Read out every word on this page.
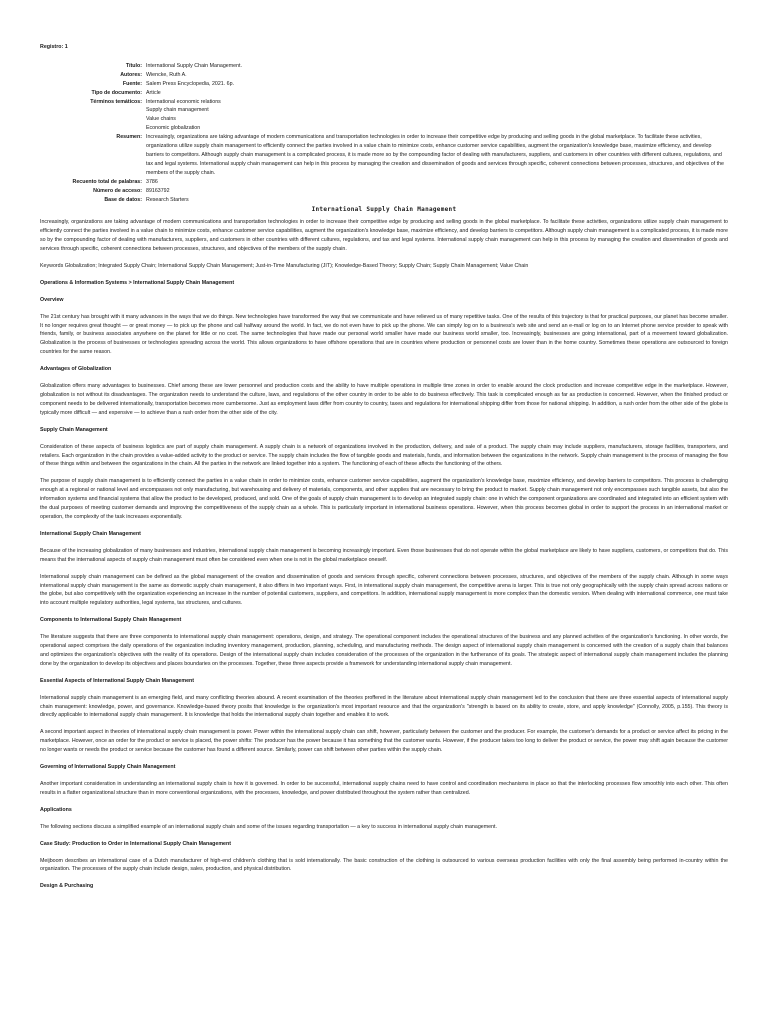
Registro: 1
Título: International Supply Chain Management.
Autores: Wiencke, Ruth A.
Fuente: Salem Press Encyclopedia, 2021. 6p.
Tipo de documento: Article
Términos temáticos: International economic relations
Supply chain management
Value chains
Economic globalization
Resumen: Increasingly, organizations are taking advantage of modern communications and transportation technologies in order to increase their competitive edge by producing and selling goods in the global marketplace. To facilitate these activities, organizations utilize supply chain management to efficiently connect the parties involved in a value chain to minimize costs, enhance customer service capabilities, augment the organization's knowledge base, maximize efficiency, and develop barriers to competitors. Although supply chain management is a complicated process, it is made more so by the compounding factor of dealing with manufacturers, suppliers, and customers in other countries with different cultures, regulations, and tax and legal systems. International supply chain management can help in this process by managing the creation and dissemination of goods and services through specific, coherent connections between processes, structures, and objectives of the members of the supply chain.
Recuento total de palabras: 3786
Número de acceso: 89163792
Base de datos: Research Starters
International Supply Chain Management

Increasingly, organizations are taking advantage of modern communications and transportation technologies in order to increase their competitive edge by producing and selling goods in the global marketplace. To facilitate these activities, organizations utilize supply chain management to efficiently connect the parties involved in a value chain to minimize costs, enhance customer service capabilities, augment the organization's knowledge base, maximize efficiency, and develop barriers to competitors. Although supply chain management is a complicated process, it is made more so by the compounding factor of dealing with manufacturers, suppliers, and customers in other countries with different cultures, regulations, and tax and legal systems. International supply chain management can help in this process by managing the creation and dissemination of goods and services through specific, coherent connections between processes, structures, and objectives of the members of the supply chain.

Keywords Globalization; Integrated Supply Chain; International Supply Chain Management; Just-in-Time Manufacturing (JIT); Knowledge-Based Theory; Supply Chain; Supply Chain Management; Value Chain

Operations & Information Systems > International Supply Chain Management
Overview

The 21st century has brought with it many advances in the ways that we do things. New technologies have transformed the way that we communicate and have relieved us of many repetitive tasks. One of the results of this trajectory is that for practical purposes, our planet has become smaller. It no longer requires great thought — or great money — to pick up the phone and call halfway around the world. In fact, we do not even have to pick up the phone. We can simply log on to a business's web site and send an e-mail or log on to an Internet phone service provider to speak with friends, family, or business associates anywhere on the planet for little or no cost. The same technologies that have made our personal world smaller have made our business world smaller, too. Increasingly, businesses are going international, part of a movement toward globalization. Globalization is the process of businesses or technologies spreading across the world. This allows organizations to have offshore operations that are in countries where production or personnel costs are lower than in the home country. Sometimes these operations are outsourced to foreign countries for the same reason.

Advantages of Globalization

Globalization offers many advantages to businesses. Chief among these are lower personnel and production costs and the ability to have multiple operations in multiple time zones in order to enable around the clock production and increase competitive edge in the marketplace. However, globalization is not without its disadvantages. The organization needs to understand the culture, laws, and regulations of the other country in order to be able to do business effectively. This task is complicated enough as far as production is concerned. However, when the finished product or component needs to be delivered internationally, transportation becomes more cumbersome. Just as employment laws differ from country to country, taxes and regulations for international shipping differ from those for national shipping. In addition, a rush order from the other side of the globe is typically more difficult — and expensive — to achieve than a rush order from the other side of the city.

Supply Chain Management

Consideration of these aspects of business logistics are part of supply chain management. A supply chain is a network of organizations involved in the production, delivery, and sale of a product. The supply chain may include suppliers, manufacturers, storage facilities, transporters, and retailers. Each organization in the chain provides a value-added activity to the product or service. The supply chain includes the flow of tangible goods and materials, funds, and information between the organizations in the network. Supply chain management is the process of managing the flow of these things within and between the organizations in the chain. All the parties in the network are linked together into a system. The functioning of each of these affects the functioning of the others.

The purpose of supply chain management is to efficiently connect the parties in a value chain in order to minimize costs, enhance customer service capabilities, augment the organization's knowledge base, maximize efficiency, and develop barriers to competitors. This process is challenging enough at a regional or national level and encompasses not only manufacturing, but warehousing and delivery of materials, components, and other supplies that are necessary to bring the product to market. Supply chain management not only encompasses such tangible assets, but also the information systems and financial systems that allow the product to be developed, produced, and sold. One of the goals of supply chain management is to develop an integrated supply chain: one in which the component organizations are coordinated and integrated into an efficient system with the dual purposes of meeting customer demands and improving the competitiveness of the supply chain as a whole. This is particularly important in international business operations. However, when this process becomes global in order to support the process in an international market or operation, the complexity of the task increases exponentially.

International Supply Chain Management

Because of the increasing globalization of many businesses and industries, international supply chain management is becoming increasingly important. Even those businesses that do not operate within the global marketplace are likely to have suppliers, customers, or competitors that do. This means that the international aspects of supply chain management must often be considered even when one is not in the global marketplace oneself.

International supply chain management can be defined as the global management of the creation and dissemination of goods and services through specific, coherent connections between processes, structures, and objectives of the members of the supply chain. Although in some ways international supply chain management is the same as domestic supply chain management, it also differs in two important ways. First, in international supply chain management, the competitive arena is larger. This is true not only geographically with the supply chain spread across nations or the globe, but also competitively with the organization experiencing an increase in the number of potential customers, suppliers, and competitors. In addition, international supply management is more complex than the domestic version. When dealing with international commerce, one must take into account multiple regulatory authorities, legal systems, tax structures, and cultures.

Components to International Supply Chain Management

The literature suggests that there are three components to international supply chain management: operations, design, and strategy. The operational component includes the operational structures of the business and any planned activities of the organization's functioning. In other words, the operational aspect comprises the daily operations of the organization including inventory management, production, planning, scheduling, and manufacturing methods. The design aspect of international supply chain management is concerned with the creation of a supply chain that balances and optimizes the organization's objectives with the reality of its operations. Design of the international supply chain includes consideration of the processes of the organization in the furtherance of its goals. The strategic aspect of international supply chain management includes the planning done by the organization to develop its objectives and places boundaries on the processes. Together, these three aspects provide a framework for understanding international supply chain management.

Essential Aspects of International Supply Chain Management

International supply chain management is an emerging field, and many conflicting theories abound. A recent examination of the theories proffered in the literature about international supply chain management led to the conclusion that there are three essential aspects of international supply chain management: knowledge, power, and governance. Knowledge-based theory posits that knowledge is the organization's most important resource and that the organization's "strength is based on its ability to create, store, and apply knowledge" (Connolly, 2005, p.155). This theory is directly applicable to international supply chain management. It is knowledge that holds the international supply chain together and enables it to work.

A second important aspect in theories of international supply chain management is power. Power within the international supply chain can shift, however, particularly between the customer and the producer. For example, the customer's demands for a product or service affect its pricing in the marketplace. However, once an order for the product or service is placed, the power shifts: The producer has the power because it has something that the customer wants. However, if the producer takes too long to deliver the product or service, the power may shift again because the customer no longer wants or needs the product or service because the customer has found a different source. Similarly, power can shift between other parties within the supply chain.

Governing of International Supply Chain Management

Another important consideration in understanding an international supply chain is how it is governed. In order to be successful, international supply chains need to have control and coordination mechanisms in place so that the interlocking processes flow smoothly into each other. This often results in a flatter organizational structure than in more conventional organizations, with the processes, knowledge, and power distributed throughout the system rather than centralized.

Applications

The following sections discuss a simplified example of an international supply chain and some of the issues regarding transportation — a key to success in international supply chain management.

Case Study: Production to Order in International Supply Chain Management

Meijboom describes an international case of a Dutch manufacturer of high-end children's clothing that is sold internationally. The basic construction of the clothing is outsourced to various overseas production facilities with only the final assembly being performed in-country within the organization. The processes of the supply chain include design, sales, production, and physical distribution.

Design & Purchasing
